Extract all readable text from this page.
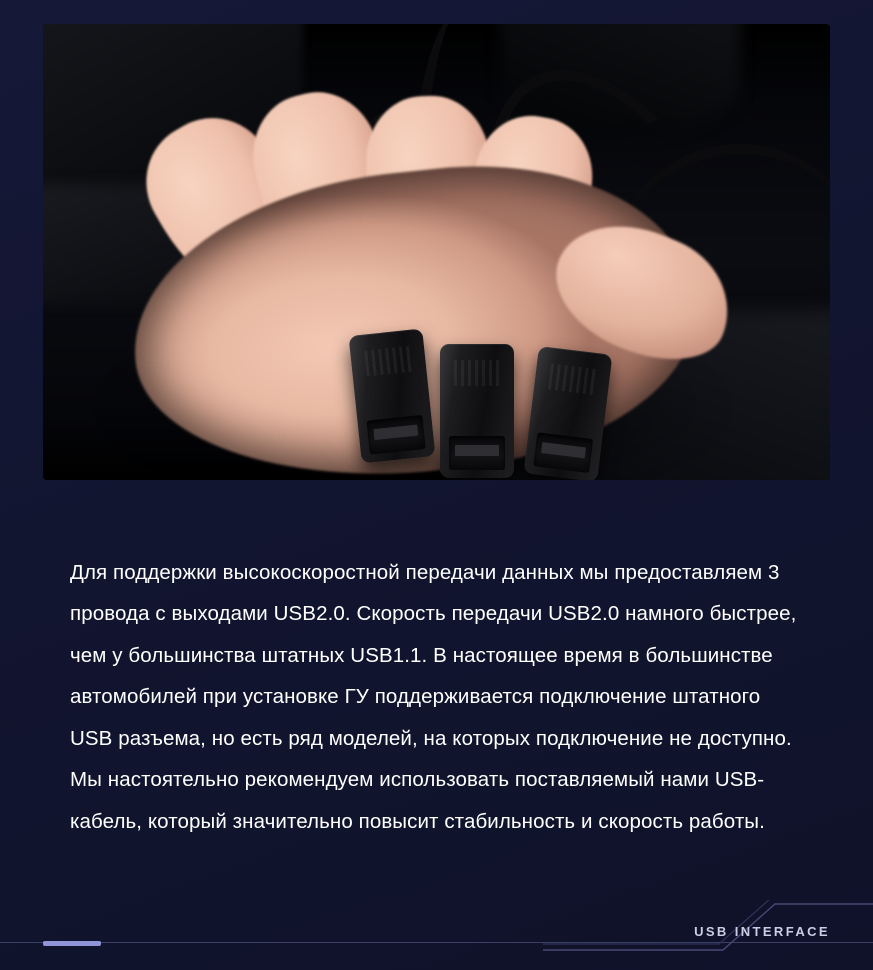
Для поддержки высокоскоростной передачи данных мы предоставляем 3 провода с выходами USB2.0. Скорость передачи USB2.0 намного быстрее, чем у большинства штатных USB1.1. В настоящее время в большинстве автомобилей при установке ГУ поддерживается подключение штатного USB разъема, но есть ряд моделей, на которых подключение не доступно. Мы настоятельно рекомендуем использовать поставляемый нами USB-кабель, который значительно повысит стабильность и скорость работы.

USB INTERFACE
